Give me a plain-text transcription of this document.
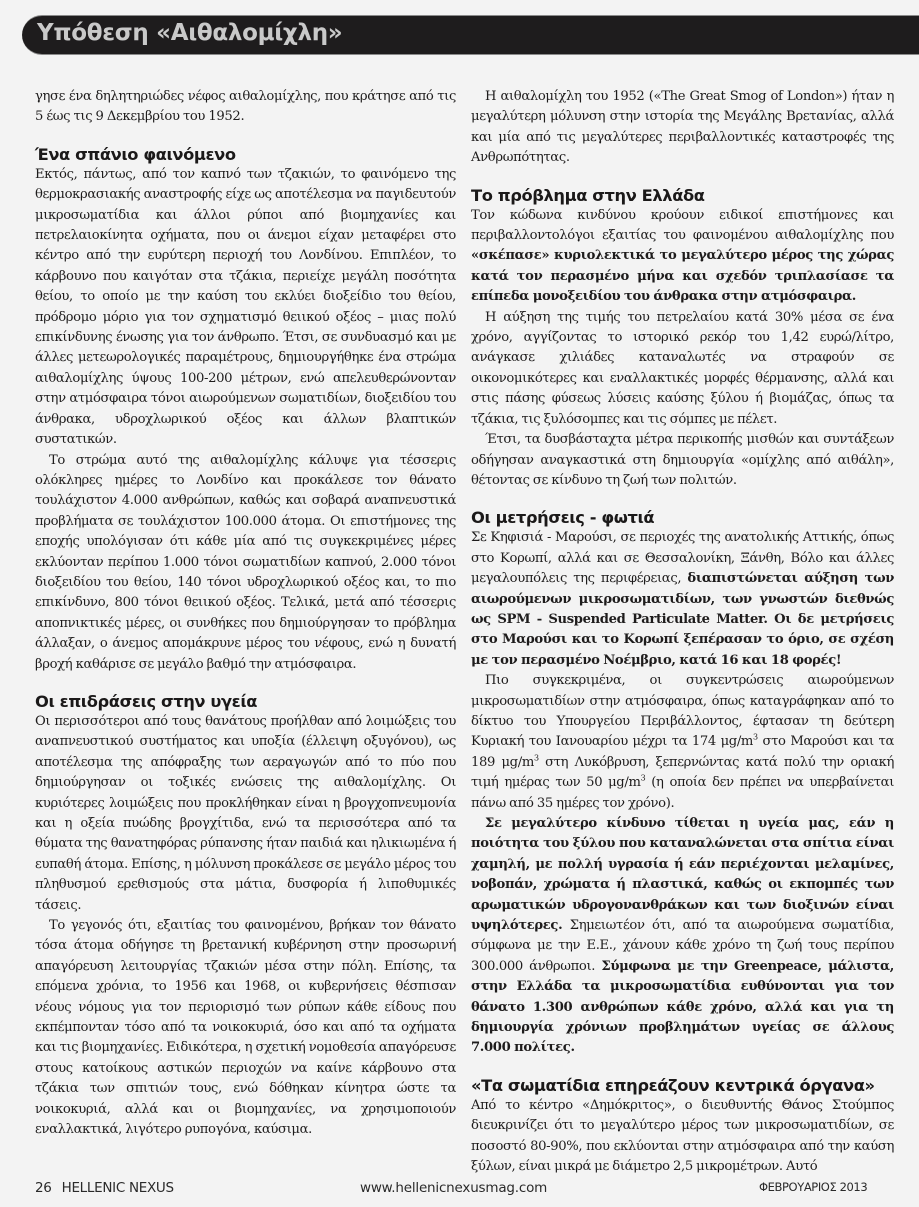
Υπόθεση «Αιθαλομίχλη»

γησε ένα δηλητηριώδες νέφος αιθαλομίχλης, που κράτησε από τις 5 έως τις 9 Δεκεμβρίου του 1952.

Ένα σπάνιο φαινόμενο

Εκτός, πάντως, από τον καπνό των τζακιών, το φαινόμενο της θερμοκρασιακής αναστροφής είχε ως αποτέλεσμα να παγιδευτούν μικροσωματίδια και άλλοι ρύποι από βιομηχανίες και πετρελαιοκίνητα οχήματα, που οι άνεμοι είχαν μεταφέρει στο κέντρο από την ευρύτερη περιοχή του Λονδίνου. Επιπλέον, το κάρβουνο που καιγόταν στα τζάκια, περιείχε μεγάλη ποσότητα θείου, το οποίο με την καύση του εκλύει διοξείδιο του θείου, πρόδρομο μόριο για τον σχηματισμό θειικού οξέος – μιας πολύ επικίνδυνης ένωσης για τον άνθρωπο. Έτσι, σε συνδυασμό και με άλλες μετεωρολογικές παραμέτρους, δημιουργήθηκε ένα στρώμα αιθαλομίχλης ύψους 100-200 μέτρων, ενώ απελευθερώνονταν στην ατμόσφαιρα τόνοι αιωρούμενων σωματιδίων, διοξειδίου του άνθρακα, υδροχλωρικού οξέος και άλλων βλαπτικών συστατικών.

Το στρώμα αυτό της αιθαλομίχλης κάλυψε για τέσσερις ολόκληρες ημέρες το Λονδίνο και προκάλεσε τον θάνατο τουλάχιστον 4.000 ανθρώπων, καθώς και σοβαρά αναπνευστικά προβλήματα σε τουλάχιστον 100.000 άτομα. Οι επιστήμονες της εποχής υπολόγισαν ότι κάθε μία από τις συγκεκριμένες μέρες εκλύονταν περίπου 1.000 τόνοι σωματιδίων καπνού, 2.000 τόνοι διοξειδίου του θείου, 140 τόνοι υδροχλωρικού οξέος και, το πιο επικίνδυνο, 800 τόνοι θειικού οξέος. Τελικά, μετά από τέσσερις αποπνικτικές μέρες, οι συνθήκες που δημιούργησαν το πρόβλημα άλλαξαν, ο άνεμος απομάκρυνε μέρος του νέφους, ενώ η δυνατή βροχή καθάρισε σε μεγάλο βαθμό την ατμόσφαιρα.

Οι επιδράσεις στην υγεία

Οι περισσότεροι από τους θανάτους προήλθαν από λοιμώξεις του αναπνευστικού συστήματος και υποξία (έλλειψη οξυγόνου), ως αποτέλεσμα της απόφραξης των αεραγωγών από το πύο που δημιούργησαν οι τοξικές ενώσεις της αιθαλομίχλης. Οι κυριότερες λοιμώξεις που προκλήθηκαν είναι η βρογχοπνευμονία και η οξεία πυώδης βρογχίτιδα, ενώ τα περισσότερα από τα θύματα της θανατηφόρας ρύπανσης ήταν παιδιά και ηλικιωμένα ή ευπαθή άτομα. Επίσης, η μόλυνση προκάλεσε σε μεγάλο μέρος του πληθυσμού ερεθισμούς στα μάτια, δυσφορία ή λιποθυμικές τάσεις.

Το γεγονός ότι, εξαιτίας του φαινομένου, βρήκαν τον θάνατο τόσα άτομα οδήγησε τη βρετανική κυβέρνηση στην προσωρινή απαγόρευση λειτουργίας τζακιών μέσα στην πόλη. Επίσης, τα επόμενα χρόνια, το 1956 και 1968, οι κυβερνήσεις θέσπισαν νέους νόμους για τον περιορισμό των ρύπων κάθε είδους που εκπέμπονταν τόσο από τα νοικοκυριά, όσο και από τα οχήματα και τις βιομηχανίες. Ειδικότερα, η σχετική νομοθεσία απαγόρευσε στους κατοίκους αστικών περιοχών να καίνε κάρβουνο στα τζάκια των σπιτιών τους, ενώ δόθηκαν κίνητρα ώστε τα νοικοκυριά, αλλά και οι βιομηχανίες, να χρησιμοποιούν εναλλακτικά, λιγότερο ρυπογόνα, καύσιμα.

Η αιθαλομίχλη του 1952 («The Great Smog of London») ήταν η μεγαλύτερη μόλυνση στην ιστορία της Μεγάλης Βρετανίας, αλλά και μία από τις μεγαλύτερες περιβαλλοντικές καταστροφές της Ανθρωπότητας.

Το πρόβλημα στην Ελλάδα

Τον κώδωνα κινδύνου κρούουν ειδικοί επιστήμονες και περιβαλλοντολόγοι εξαιτίας του φαινομένου αιθαλομίχλης που «σκέπασε» κυριολεκτικά το μεγαλύτερο μέρος της χώρας κατά τον περασμένο μήνα και σχεδόν τριπλασίασε τα επίπεδα μονοξειδίου του άνθρακα στην ατμόσφαιρα.

Η αύξηση της τιμής του πετρελαίου κατά 30% μέσα σε ένα χρόνο, αγγίζοντας το ιστορικό ρεκόρ του 1,42 ευρώ/λίτρο, ανάγκασε χιλιάδες καταναλωτές να στραφούν σε οικονομικότερες και εναλλακτικές μορφές θέρμανσης, αλλά και στις πάσης φύσεως λύσεις καύσης ξύλου ή βιομάζας, όπως τα τζάκια, τις ξυλόσομπες και τις σόμπες με πέλετ.

Έτσι, τα δυσβάσταχτα μέτρα περικοπής μισθών και συντάξεων οδήγησαν αναγκαστικά στη δημιουργία «ομίχλης από αιθάλη», θέτοντας σε κίνδυνο τη ζωή των πολιτών.

Οι μετρήσεις - φωτιά

Σε Κηφισιά - Μαρούσι, σε περιοχές της ανατολικής Αττικής, όπως στο Κορωπί, αλλά και σε Θεσσαλονίκη, Ξάνθη, Βόλο και άλλες μεγαλουπόλεις της περιφέρειας, διαπιστώνεται αύξηση των αιωρούμενων μικροσωματιδίων, των γνωστών διεθνώς ως SPM - Suspended Particulate Matter. Οι δε μετρήσεις στο Μαρούσι και το Κορωπί ξεπέρασαν το όριο, σε σχέση με τον περασμένο Νοέμβριο, κατά 16 και 18 φορές!

Πιο συγκεκριμένα, οι συγκεντρώσεις αιωρούμενων μικροσωματιδίων στην ατμόσφαιρα, όπως καταγράφηκαν από το δίκτυο του Υπουργείου Περιβάλλοντος, έφτασαν τη δεύτερη Κυριακή του Ιανουαρίου μέχρι τα 174 $\mu g/m^3$ στο Μαρούσι και τα 189 $\mu g/m^3$ στη Λυκόβρυση, ξεπερνώντας κατά πολύ την οριακή τιμή ημέρας των 50 $\mu g/m^3$ (η οποία δεν πρέπει να υπερβαίνεται πάνω από 35 ημέρες τον χρόνο).

Σε μεγαλύτερο κίνδυνο τίθεται η υγεία μας, εάν η ποιότητα του ξύλου που καταναλώνεται στα σπίτια είναι χαμηλή, με πολλή υγρασία ή εάν περιέχονται μελαμίνες, νοβοπάν, χρώματα ή πλαστικά, καθώς οι εκπομπές των αρωματικών υδρογονανθράκων και των διοξινών είναι υψηλότερες. Σημειωτέον ότι, από τα αιωρούμενα σωματίδια, σύμφωνα με την Ε.Ε., χάνουν κάθε χρόνο τη ζωή τους περίπου 300.000 άνθρωποι. Σύμφωνα με την Greenpeace, μάλιστα, στην Ελλάδα τα μικροσωματίδια ευθύνονται για τον θάνατο 1.300 ανθρώπων κάθε χρόνο, αλλά και για τη δημιουργία χρόνιων προβλημάτων υγείας σε άλλους 7.000 πολίτες.

«Τα σωματίδια επηρεάζουν κεντρικά όργανα»

Από το κέντρο «Δημόκριτος», ο διευθυντής Θάνος Στούμπος διευκρινίζει ότι το μεγαλύτερο μέρος των μικροσωματιδίων, σε ποσοστό 80-90%, που εκλύονται στην ατμόσφαιρα από την καύση ξύλων, είναι μικρά με διάμετρο 2,5 μικρομέτρων. Αυτό

26 HELLENIC NEXUS	www.hellenicnexusmag.com	ΦΕΒΡΟΥΑΡΙΟΣ 2013
